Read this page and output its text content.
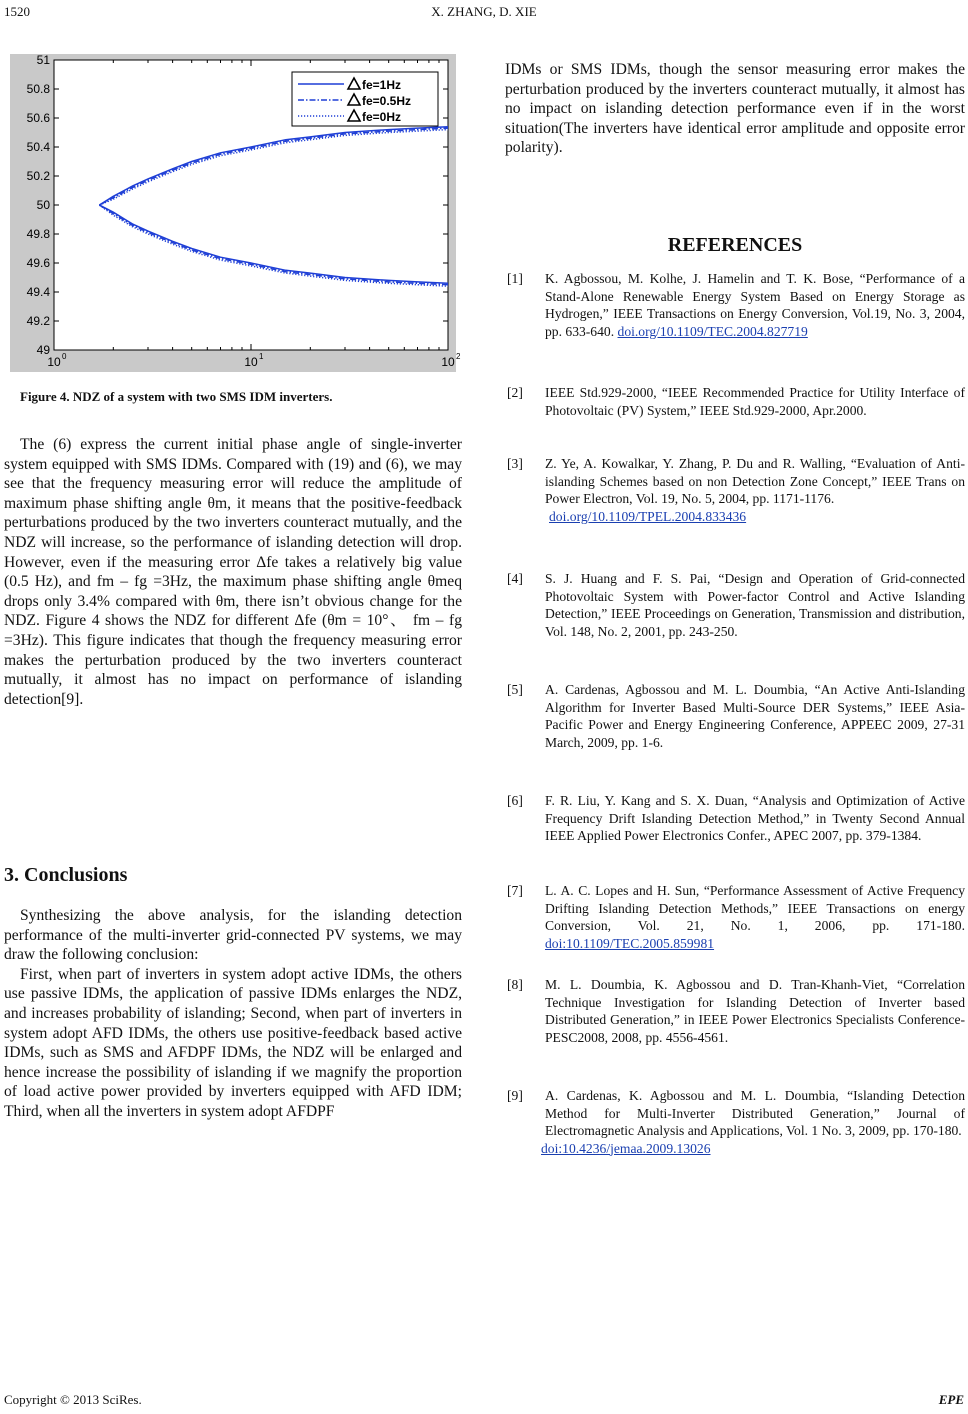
1520	X. ZHANG, D. XIE
51
50.8
50.6
50.4
50.2
50
49.8
49.6
49.4
49.2
49
10 0	10 1	10 2
fe=1Hz
fe=0.5Hz
fe=0Hz
Figure 4. NDZ of a system with two SMS IDM inverters.

The (6) express the current initial phase angle of single-inverter system equipped with SMS IDMs. Compared with (19) and (6), we may see that the frequency measuring error will reduce the amplitude of maximum phase shifting angle θm, it means that the positive-feedback perturbations produced by the two inverters counteract mutually, and the NDZ will increase, so the performance of islanding detection will drop. However, even if the measuring error Δfe takes a relatively big value (0.5 Hz), and fm – fg =3Hz, the maximum phase shifting angle θmeq drops only 3.4% compared with θm, there isn’t obvious change for the NDZ. Figure 4 shows the NDZ for different Δfe (θm = 10°、 fm – fg =3Hz). This figure indicates that though the frequency measuring error makes the perturbation produced by the two inverters counteract mutually, it almost has no impact on performance of islanding detection[9].

3. Conclusions

Synthesizing the above analysis, for the islanding detection performance of the multi-inverter grid-connected PV systems, we may draw the following conclusion:

First, when part of inverters in system adopt active IDMs, the others use passive IDMs, the application of passive IDMs enlarges the NDZ, and increases probability of islanding; Second, when part of inverters in system adopt AFD IDMs, the others use positive-feedback based active IDMs, such as SMS and AFDPF IDMs, the NDZ will be enlarged and hence increase the possibility of islanding if we magnify the proportion of load active power provided by inverters equipped with AFD IDM; Third, when all the inverters in system adopt AFDPF

IDMs or SMS IDMs, though the sensor measuring error makes the perturbation produced by the inverters counteract mutually, it almost has no impact on islanding detection performance even if in the worst situation(The inverters have identical error amplitude and opposite error polarity).

REFERENCES
[1] K. Agbossou, M. Kolhe, J. Hamelin and T. K. Bose, “Performance of a Stand-Alone Renewable Energy System Based on Energy Storage as Hydrogen,” IEEE Transactions on Energy Conversion, Vol.19, No. 3, 2004, pp. 633-640. doi.org/10.1109/TEC.2004.827719
[2] IEEE Std.929-2000, “IEEE Recommended Practice for Utility Interface of Photovoltaic (PV) System,” IEEE Std.929-2000, Apr.2000.
[3] Z. Ye, A. Kowalkar, Y. Zhang, P. Du and R. Walling, “Evaluation of Anti-islanding Schemes based on non Detection Zone Concept,” IEEE Trans on Power Electron, Vol. 19, No. 5, 2004, pp. 1171-1176.
doi.org/10.1109/TPEL.2004.833436
[4] S. J. Huang and F. S. Pai, “Design and Operation of Grid-connected Photovoltaic System with Power-factor Control and Active Islanding Detection,” IEEE Proceedings on Generation, Transmission and distribution, Vol. 148, No. 2, 2001, pp. 243-250.
[5] A. Cardenas, Agbossou and M. L. Doumbia, “An Active Anti-Islanding Algorithm for Inverter Based Multi-Source DER Systems,” IEEE Asia-Pacific Power and Energy Engineering Conference, APPEEC 2009, 27-31 March, 2009, pp. 1-6.
[6] F. R. Liu, Y. Kang and S. X. Duan, “Analysis and Optimization of Active Frequency Drift Islanding Detection Method,” in Twenty Second Annual IEEE Applied Power Electronics Confer., APEC 2007, pp. 379-1384.
[7] L. A. C. Lopes and H. Sun, “Performance Assessment of Active Frequency Drifting Islanding Detection Methods,” IEEE Transactions on energy Conversion, Vol. 21, No. 1, 2006, pp. 171-180. doi:10.1109/TEC.2005.859981
[8] M. L. Doumbia, K. Agbossou and D. Tran-Khanh-Viet, “Correlation Technique Investigation for Islanding Detection of Inverter based Distributed Generation,” in IEEE Power Electronics Specialists Conference-PESC2008, 2008, pp. 4556-4561.
[9] A. Cardenas, K. Agbossou and M. L. Doumbia, “Islanding Detection Method for Multi-Inverter Distributed Generation,” Journal of Electromagnetic Analysis and Applications, Vol. 1 No. 3, 2009, pp. 170-180.
doi:10.4236/jemaa.2009.13026
Copyright © 2013 SciRes.	EPE
